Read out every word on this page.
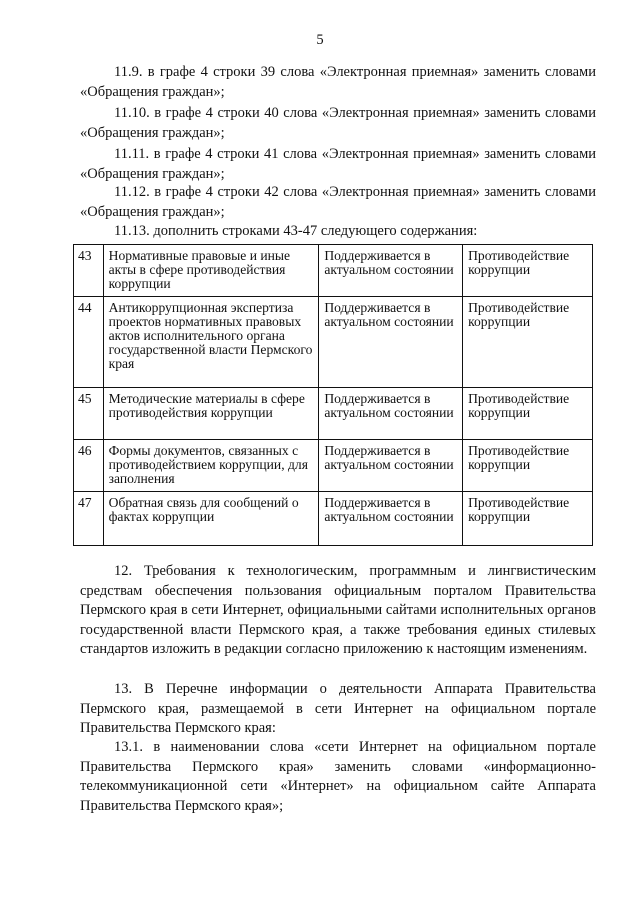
5

11.9. в графе 4 строки 39 слова «Электронная приемная» заменить словами «Обращения граждан»;

11.10. в графе 4 строки 40 слова «Электронная приемная» заменить словами «Обращения граждан»;

11.11. в графе 4 строки 41 слова «Электронная приемная» заменить словами «Обращения граждан»;

11.12. в графе 4 строки 42 слова «Электронная приемная» заменить словами «Обращения граждан»;

11.13. дополнить строками 43-47 следующего содержания:

43	Нормативные правовые и иные акты в сфере противодействия коррупции	Поддерживается в актуальном состоянии	Противодействие коррупции
44	Антикоррупционная экспертиза проектов нормативных правовых актов исполнительного органа государственной власти Пермского края	Поддерживается в актуальном состоянии	Противодействие коррупции
45	Методические материалы в сфере противодействия коррупции	Поддерживается в актуальном состоянии	Противодействие коррупции
46	Формы документов, связанных с противодействием коррупции, для заполнения	Поддерживается в актуальном состоянии	Противодействие коррупции
47	Обратная связь для сообщений о фактах коррупции	Поддерживается в актуальном состоянии	Противодействие коррупции

12. Требования к технологическим, программным и лингвистическим средствам обеспечения пользования официальным порталом Правительства Пермского края в сети Интернет, официальными сайтами исполнительных органов государственной власти Пермского края, а также требования единых стилевых стандартов изложить в редакции согласно приложению к настоящим изменениям.

13. В Перечне информации о деятельности Аппарата Правительства Пермского края, размещаемой в сети Интернет на официальном портале Правительства Пермского края:

13.1. в наименовании слова «сети Интернет на официальном портале Правительства Пермского края» заменить словами «информационно-телекоммуникационной сети «Интернет» на официальном сайте Аппарата Правительства Пермского края»;
